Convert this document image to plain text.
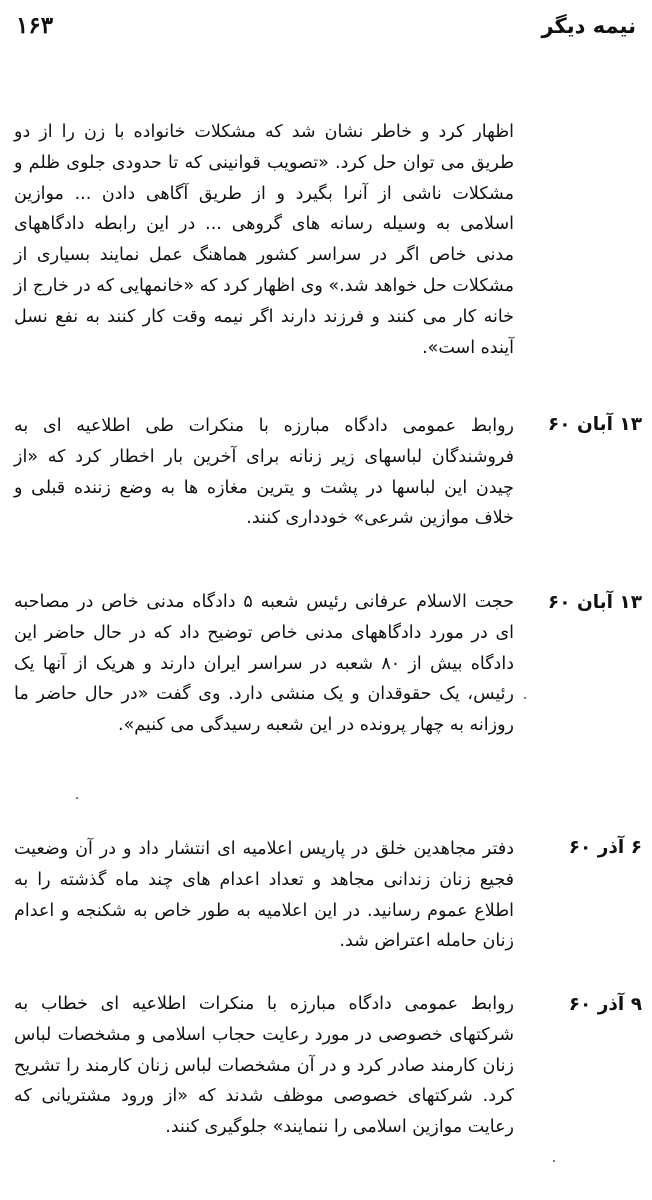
۱۶۳	نیمه دیگر
اظهار کرد و خاطر نشان شد که مشکلات خانواده با زن را از دو طریق می توان حل کرد. «تصویب قوانینی که تا حدودی جلوی ظلم و مشکلات ناشی از آنرا بگیرد و از طریق آگاهی دادن ... موازین اسلامی به وسیله رسانه های گروهی ... در این رابطه دادگاههای مدنی خاص اگر در سراسر کشور هماهنگ عمل نمایند بسیاری از مشکلات حل خواهد شد.» وی اظهار کرد که «خانمهایی که در خارج از خانه کار می کنند و فرزند دارند اگر نیمه وقت کار کنند به نفع نسل آینده است».
۱۳ آبان ۶۰
روابط عمومی دادگاه مبارزه با منکرات طی اطلاعیه ای به فروشندگان لباسهای زیر زنانه برای آخرین بار اخطار کرد که «از چیدن این لباسها در پشت و یترین مغازه ها به وضع زننده قبلی و خلاف موازین شرعی» خودداری کنند.
۱۳ آبان ۶۰
حجت الاسلام عرفانی رئیس شعبه ۵ دادگاه مدنی خاص در مصاحبه ای در مورد دادگاههای مدنی خاص توضیح داد که در حال حاضر این دادگاه بیش از ۸۰ شعبه در سراسر ایران دارند و هریک از آنها یک رئیس، یک حقوقدان و یک منشی دارد. وی گفت «در حال حاضر ما روزانه به چهار پرونده در این شعبه رسیدگی می کنیم».
۶ آذر ۶۰
دفتر مجاهدین خلق در پاریس اعلامیه ای انتشار داد و در آن وضعیت فجیع زنان زندانی مجاهد و تعداد اعدام های چند ماه گذشته را به اطلاع عموم رسانید. در این اعلامیه به طور خاص به شکنجه و اعدام زنان حامله اعتراض شد.
۹ آذر ۶۰
روابط عمومی دادگاه مبارزه با منکرات اطلاعیه ای خطاب به شرکتهای خصوصی در مورد رعایت حجاب اسلامی و مشخصات لباس زنان کارمند صادر کرد و در آن مشخصات لباس زنان کارمند را تشریح کرد. شرکتهای خصوصی موظف شدند که «از ورود مشتریانی که رعایت موازین اسلامی را ننمایند» جلوگیری کنند.
